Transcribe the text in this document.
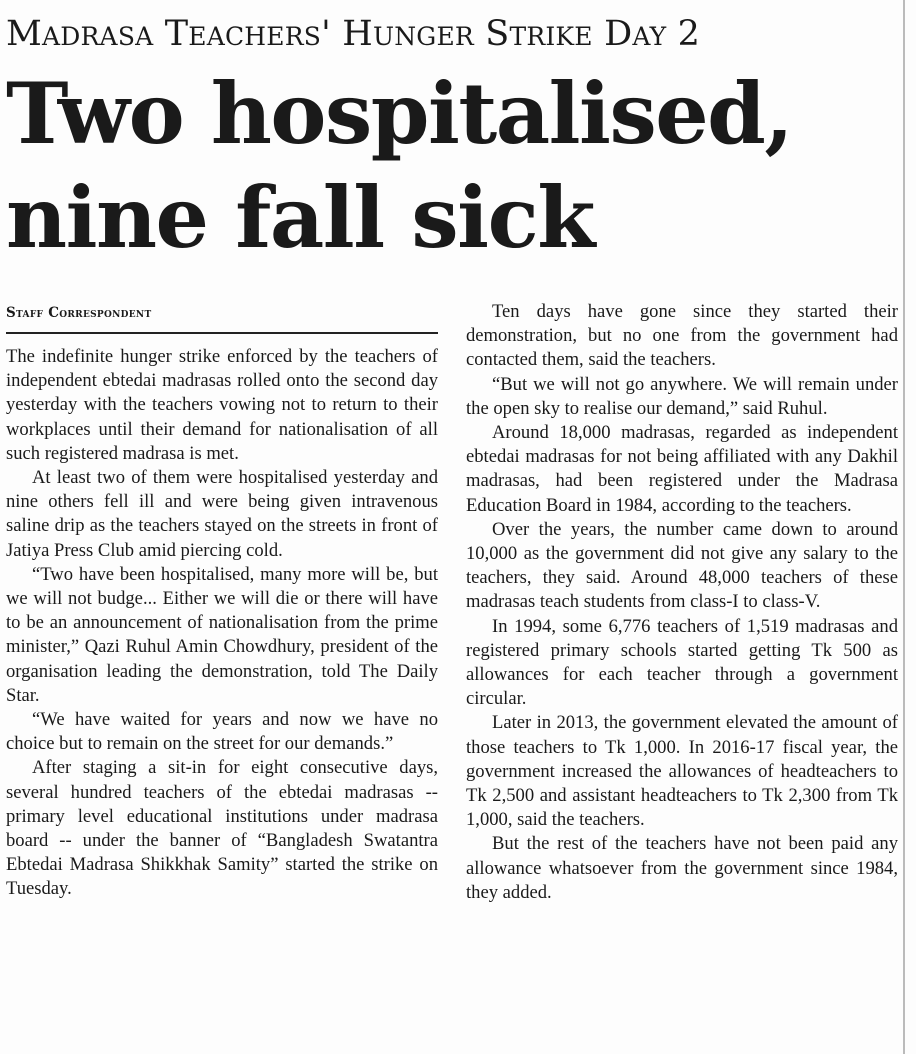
Madrasa Teachers' Hunger Strike Day 2
Two hospitalised,
nine fall sick
Staff Correspondent

The indefinite hunger strike enforced by the teachers of independent ebtedai madrasas rolled onto the second day yesterday with the teachers vowing not to return to their workplaces until their demand for nationalisation of all such registered madrasa is met.

At least two of them were hospitalised yesterday and nine others fell ill and were being given intravenous saline drip as the teachers stayed on the streets in front of Jatiya Press Club amid piercing cold.

“Two have been hospitalised, many more will be, but we will not budge... Either we will die or there will have to be an announcement of nationalisation from the prime minister,” Qazi Ruhul Amin Chowdhury, president of the organisation leading the demonstration, told The Daily Star.

“We have waited for years and now we have no choice but to remain on the street for our demands.”

After staging a sit-in for eight consecutive days, several hundred teachers of the ebtedai madrasas -- primary level educational institutions under madrasa board -- under the banner of “Bangladesh Swatantra Ebtedai Madrasa Shikkhak Samity” started the strike on Tuesday.

Ten days have gone since they started their demonstration, but no one from the government had contacted them, said the teachers.

“But we will not go anywhere. We will remain under the open sky to realise our demand,” said Ruhul.

Around 18,000 madrasas, regarded as independent ebtedai madrasas for not being affiliated with any Dakhil madrasas, had been registered under the Madrasa Education Board in 1984, according to the teachers.

Over the years, the number came down to around 10,000 as the government did not give any salary to the teachers, they said. Around 48,000 teachers of these madrasas teach students from class-I to class-V.

In 1994, some 6,776 teachers of 1,519 madrasas and registered primary schools started getting Tk 500 as allowances for each teacher through a government circular.

Later in 2013, the government elevated the amount of those teachers to Tk 1,000. In 2016-17 fiscal year, the government increased the allowances of headteachers to Tk 2,500 and assistant headteachers to Tk 2,300 from Tk 1,000, said the teachers.

But the rest of the teachers have not been paid any allowance whatsoever from the government since 1984, they added.
